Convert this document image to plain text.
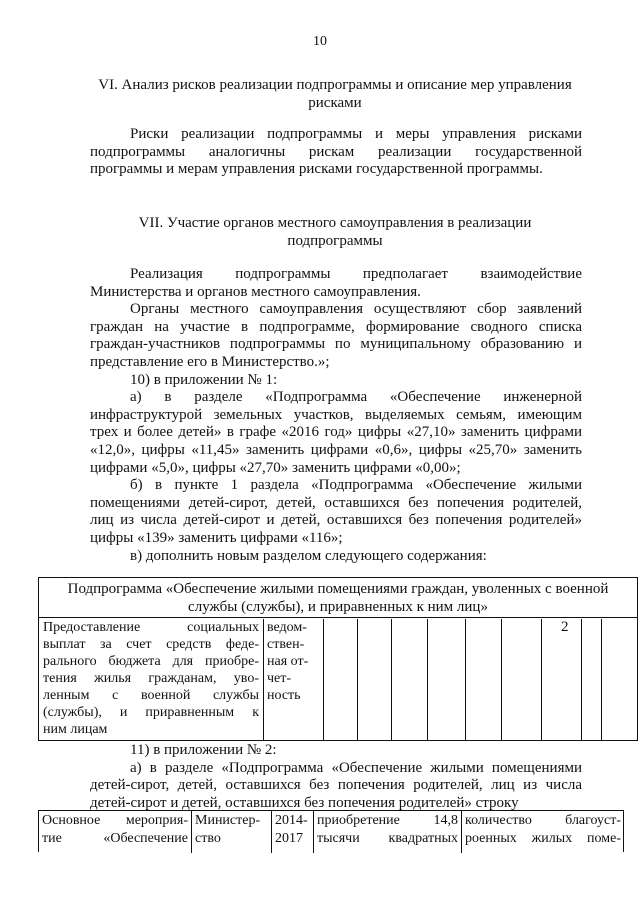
10
VI. Анализ рисков реализации подпрограммы и описание мер управления
рисками
Риски реализации подпрограммы и меры управления рисками
подпрограммы аналогичны рискам реализации государственной
программы и мерам управления рисками государственной программы.
VII. Участие органов местного самоуправления в реализации
подпрограммы
Реализация подпрограммы предполагает взаимодействие
Министерства и органов местного самоуправления.
Органы местного самоуправления осуществляют сбор заявлений
граждан на участие в подпрограмме, формирование сводного списка
граждан-участников подпрограммы по муниципальному образованию и
представление его в Министерство.»;
10) в приложении № 1:
а) в разделе «Подпрограмма «Обеспечение инженерной
инфраструктурой земельных участков, выделяемых семьям, имеющим
трех и более детей» в графе «2016 год» цифры «27,10» заменить цифрами
«12,0», цифры «11,45» заменить цифрами «0,6», цифры «25,70» заменить
цифрами «5,0», цифры «27,70» заменить цифрами «0,00»;
б) в пункте 1 раздела «Подпрограмма «Обеспечение жилыми
помещениями детей-сирот, детей, оставшихся без попечения родителей,
лиц из числа детей-сирот и детей, оставшихся без попечения родителей»
цифры «139» заменить цифрами «116»;
в) дополнить новым разделом следующего содержания:
Подпрограмма «Обеспечение жилыми помещениями граждан, уволенных с военной
службы (службы), и приравненных к ним лиц»
Предоставление социальных
выплат за счет средств феде-
рального бюджета для приобре-
тения жилья гражданам, уво-
ленным с военной службы
(службы), и приравненным к
ним лицам
ведом-
ствен-
ная от-
чет-
ность
2
11) в приложении № 2:
а) в разделе «Подпрограмма «Обеспечение жилыми помещениями
детей-сирот, детей, оставшихся без попечения родителей, лиц из числа
детей-сирот и детей, оставшихся без попечения родителей» строку
Основное мероприя-
тие «Обеспечение
Министер-
ство
2014-
2017
приобретение 14,8
тысячи квадратных
количество благоуст-
роенных жилых поме-
